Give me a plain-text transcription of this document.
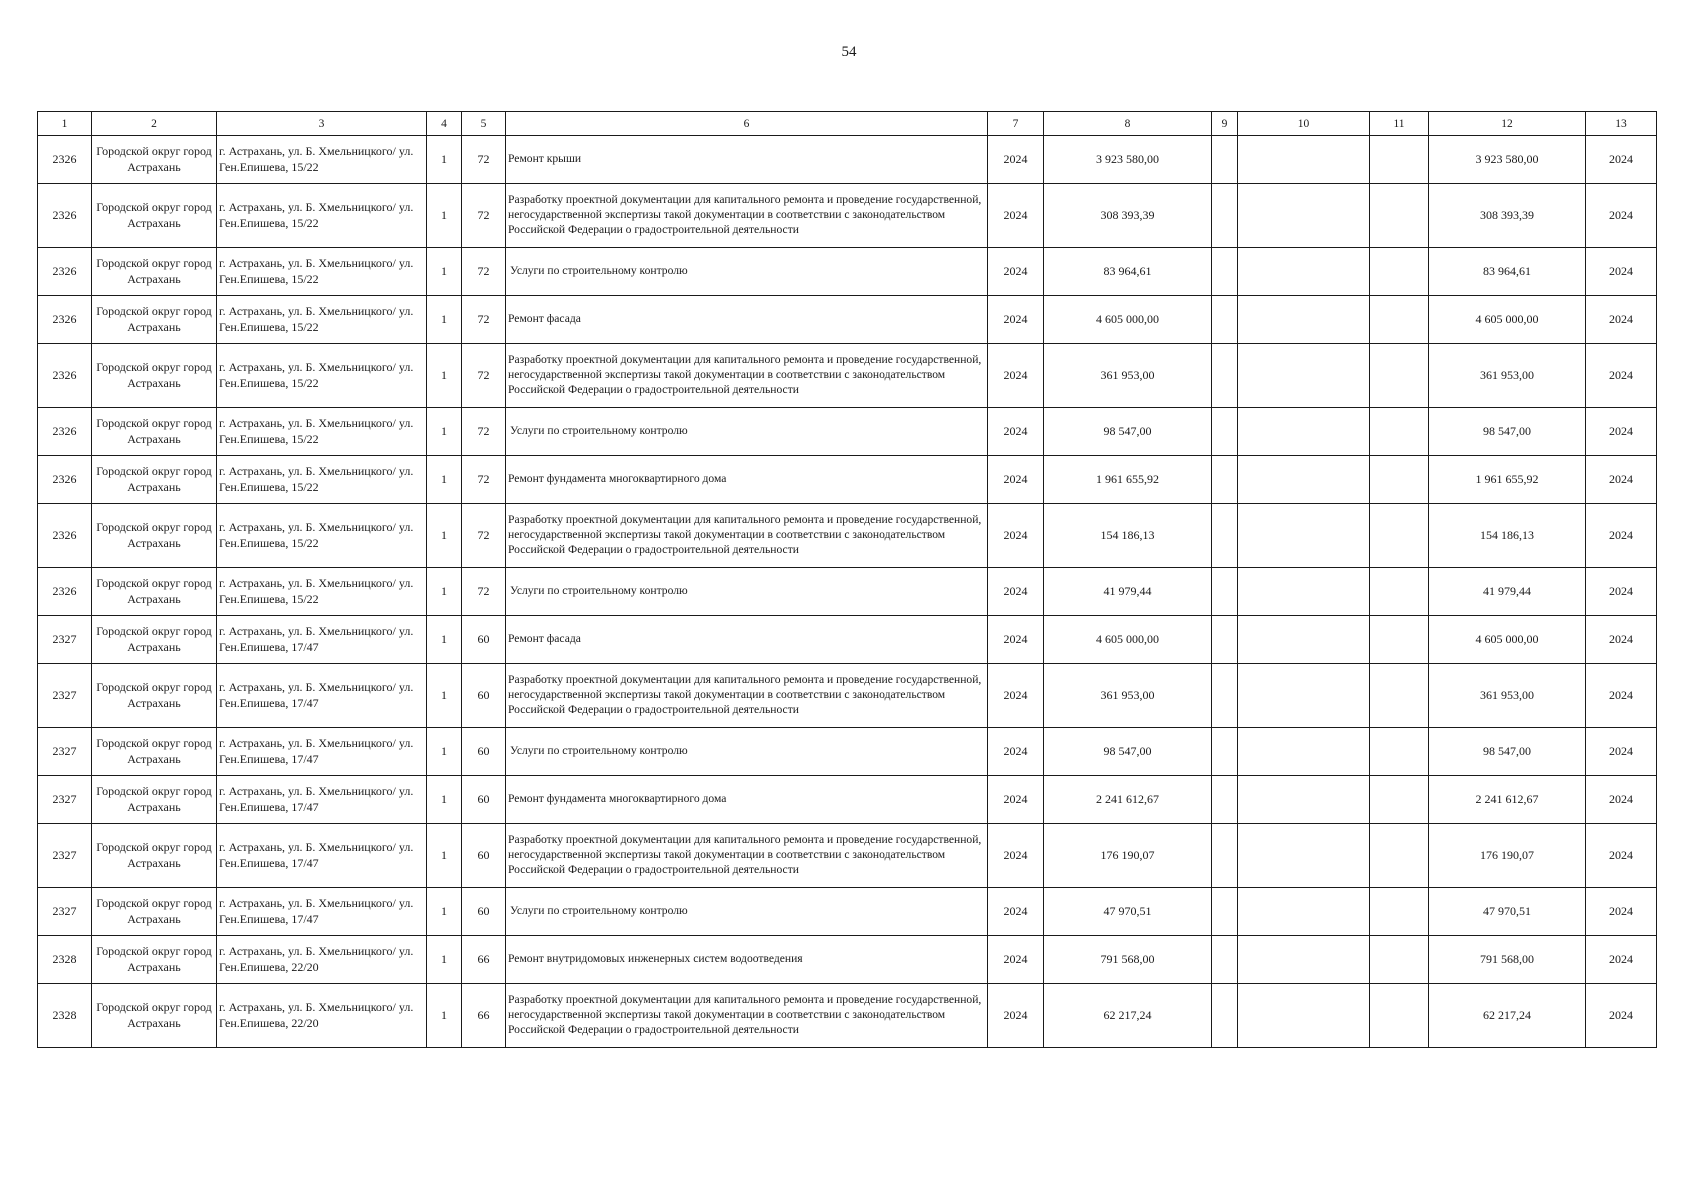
54
1	2	3	4	5	6	7	8	9	10	11	12	13
2326	Городской округ город Астрахань	г. Астрахань, ул. Б. Хмельницкого/ ул. Ген.Епишева, 15/22	1	72	Ремонт крыши	2024	3 923 580,00				3 923 580,00	2024
2326	Городской округ город Астрахань	г. Астрахань, ул. Б. Хмельницкого/ ул. Ген.Епишева, 15/22	1	72	Разработку проектной документации для капитального ремонта и проведение государственной, негосударственной экспертизы такой документации в соответствии с законодательством Российской Федерации о градостроительной деятельности	2024	308 393,39				308 393,39	2024
2326	Городской округ город Астрахань	г. Астрахань, ул. Б. Хмельницкого/ ул. Ген.Епишева, 15/22	1	72	Услуги по строительному контролю	2024	83 964,61				83 964,61	2024
2326	Городской округ город Астрахань	г. Астрахань, ул. Б. Хмельницкого/ ул. Ген.Епишева, 15/22	1	72	Ремонт фасада	2024	4 605 000,00				4 605 000,00	2024
2326	Городской округ город Астрахань	г. Астрахань, ул. Б. Хмельницкого/ ул. Ген.Епишева, 15/22	1	72	Разработку проектной документации для капитального ремонта и проведение государственной, негосударственной экспертизы такой документации в соответствии с законодательством Российской Федерации о градостроительной деятельности	2024	361 953,00				361 953,00	2024
2326	Городской округ город Астрахань	г. Астрахань, ул. Б. Хмельницкого/ ул. Ген.Епишева, 15/22	1	72	Услуги по строительному контролю	2024	98 547,00				98 547,00	2024
2326	Городской округ город Астрахань	г. Астрахань, ул. Б. Хмельницкого/ ул. Ген.Епишева, 15/22	1	72	Ремонт фундамента многоквартирного дома	2024	1 961 655,92				1 961 655,92	2024
2326	Городской округ город Астрахань	г. Астрахань, ул. Б. Хмельницкого/ ул. Ген.Епишева, 15/22	1	72	Разработку проектной документации для капитального ремонта и проведение государственной, негосударственной экспертизы такой документации в соответствии с законодательством Российской Федерации о градостроительной деятельности	2024	154 186,13				154 186,13	2024
2326	Городской округ город Астрахань	г. Астрахань, ул. Б. Хмельницкого/ ул. Ген.Епишева, 15/22	1	72	Услуги по строительному контролю	2024	41 979,44				41 979,44	2024
2327	Городской округ город Астрахань	г. Астрахань, ул. Б. Хмельницкого/ ул. Ген.Епишева, 17/47	1	60	Ремонт фасада	2024	4 605 000,00				4 605 000,00	2024
2327	Городской округ город Астрахань	г. Астрахань, ул. Б. Хмельницкого/ ул. Ген.Епишева, 17/47	1	60	Разработку проектной документации для капитального ремонта и проведение государственной, негосударственной экспертизы такой документации в соответствии с законодательством Российской Федерации о градостроительной деятельности	2024	361 953,00				361 953,00	2024
2327	Городской округ город Астрахань	г. Астрахань, ул. Б. Хмельницкого/ ул. Ген.Епишева, 17/47	1	60	Услуги по строительному контролю	2024	98 547,00				98 547,00	2024
2327	Городской округ город Астрахань	г. Астрахань, ул. Б. Хмельницкого/ ул. Ген.Епишева, 17/47	1	60	Ремонт фундамента многоквартирного дома	2024	2 241 612,67				2 241 612,67	2024
2327	Городской округ город Астрахань	г. Астрахань, ул. Б. Хмельницкого/ ул. Ген.Епишева, 17/47	1	60	Разработку проектной документации для капитального ремонта и проведение государственной, негосударственной экспертизы такой документации в соответствии с законодательством Российской Федерации о градостроительной деятельности	2024	176 190,07				176 190,07	2024
2327	Городской округ город Астрахань	г. Астрахань, ул. Б. Хмельницкого/ ул. Ген.Епишева, 17/47	1	60	Услуги по строительному контролю	2024	47 970,51				47 970,51	2024
2328	Городской округ город Астрахань	г. Астрахань, ул. Б. Хмельницкого/ ул. Ген.Епишева, 22/20	1	66	Ремонт внутридомовых инженерных систем водоотведения	2024	791 568,00				791 568,00	2024
2328	Городской округ город Астрахань	г. Астрахань, ул. Б. Хмельницкого/ ул. Ген.Епишева, 22/20	1	66	Разработку проектной документации для капитального ремонта и проведение государственной, негосударственной экспертизы такой документации в соответствии с законодательством Российской Федерации о градостроительной деятельности	2024	62 217,24				62 217,24	2024
